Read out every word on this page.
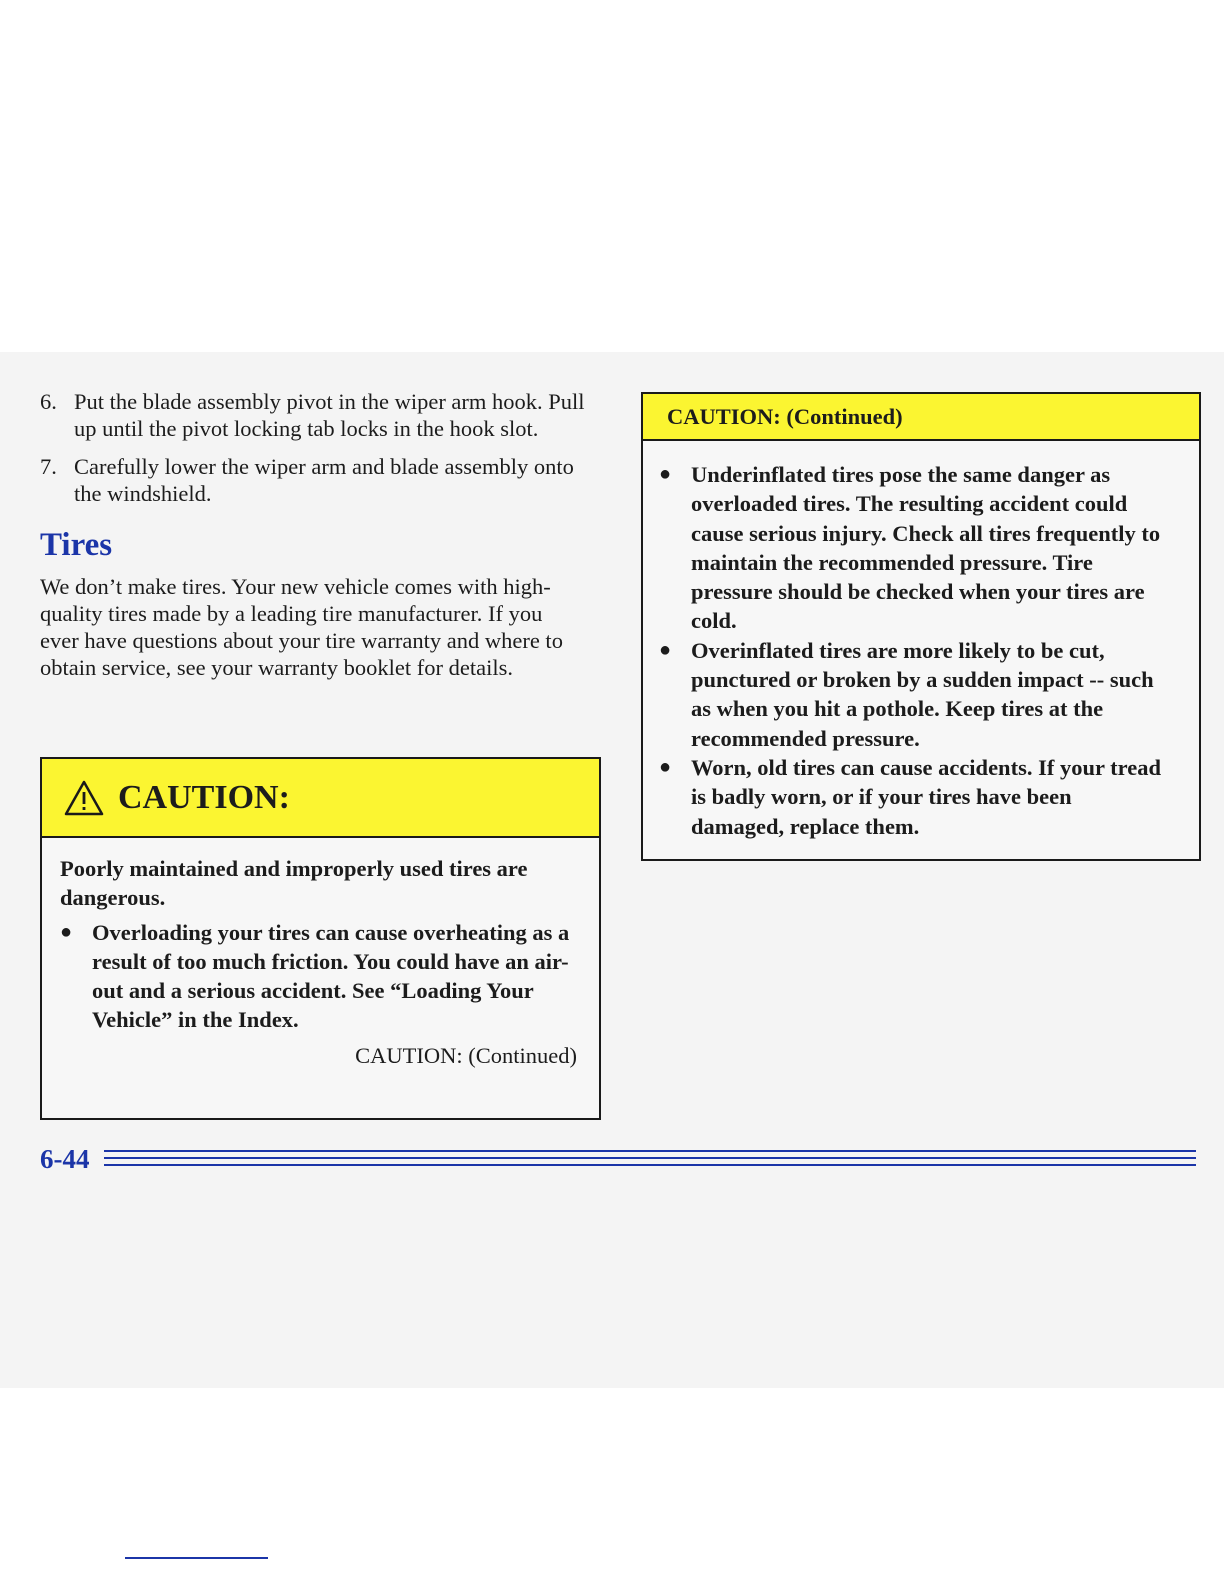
6. Put the blade assembly pivot in the wiper arm hook. Pull up until the pivot locking tab locks in the hook slot.
7. Carefully lower the wiper arm and blade assembly onto the windshield.
Tires
We don’t make tires. Your new vehicle comes with high-quality tires made by a leading tire manufacturer. If you ever have questions about your tire warranty and where to obtain service, see your warranty booklet for details.
CAUTION:
Poorly maintained and improperly used tires are dangerous.
● Overloading your tires can cause overheating as a result of too much friction. You could have an air-out and a serious accident. See “Loading Your Vehicle” in the Index.
CAUTION: (Continued)
CAUTION: (Continued)
● Underinflated tires pose the same danger as overloaded tires. The resulting accident could cause serious injury. Check all tires frequently to maintain the recommended pressure. Tire pressure should be checked when your tires are cold.
● Overinflated tires are more likely to be cut, punctured or broken by a sudden impact -- such as when you hit a pothole. Keep tires at the recommended pressure.
● Worn, old tires can cause accidents. If your tread is badly worn, or if your tires have been damaged, replace them.
6-44
